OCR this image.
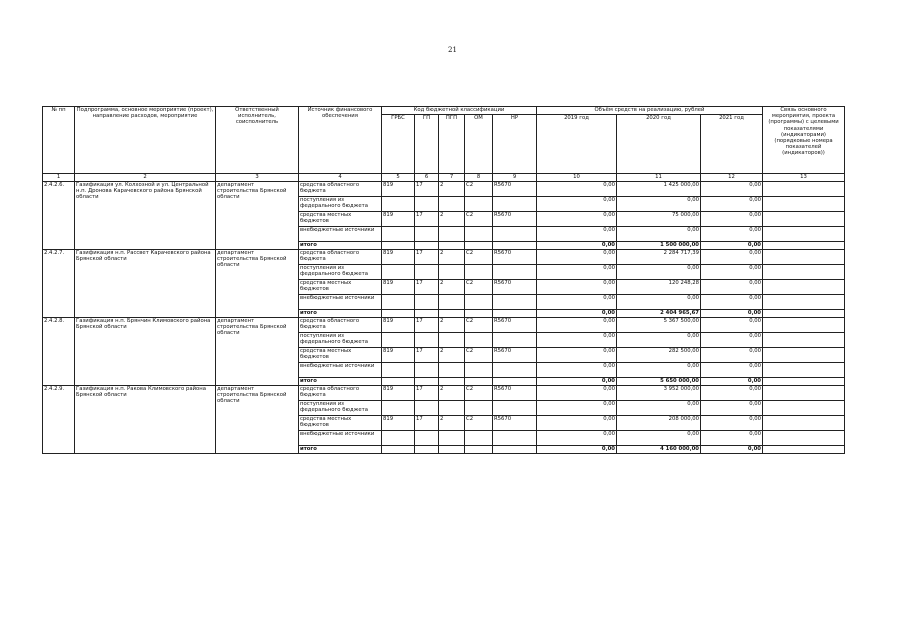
21
№ пп	Подпрограмма, основное мероприятие (проект), направление расходов, мероприятие	Ответственный исполнитель, соисполнитель	Источник финансового обеспечения	Код бюджетной классификации					Объём средств на реализацию, рублей			Связь основного мероприятия, проекта (программы) с целевыми показателями (индикаторами) (порядковые номера показателей (индикаторов))
				ГРБС	ГП	ПГП	ОМ	НР	2019 год	2020 год	2021 год	
1	2	3	4	5	6	7	8	9	10	11	12	13
2.4.2.6.	Газификация ул. Колхозной и ул. Центральной н.п. Дронова Карачевского района Брянской области	департамент строительства Брянской области	средства областного бюджета	819	17	2	C2	R5670	0,00	1 425 000,00	0,00	
			поступления из федерального бюджета						0,00	0,00	0,00	
			средства местных бюджетов	819	17	2	C2	R5670	0,00	75 000,00	0,00	
			внебюджетные источники						0,00	0,00	0,00	
			итого						0,00	1 500 000,00	0,00	
2.4.2.7.	Газификация н.п. Рассвет Карачевского района Брянской области	департамент строительства Брянской области	средства областного бюджета	819	17	2	C2	R5670	0,00	2 284 717,39	0,00	
			поступления из федерального бюджета						0,00	0,00	0,00	
			средства местных бюджетов	819	17	2	C2	R5670	0,00	120 248,28	0,00	
			внебюджетные источники						0,00	0,00	0,00	
			итого						0,00	2 404 965,67	0,00	
2.4.2.8.	Газификация н.п. Брянчин Климовского района Брянской области	департамент строительства Брянской области	средства областного бюджета	819	17	2	C2	R5670	0,00	5 367 500,00	0,00	
			поступления из федерального бюджета						0,00	0,00	0,00	
			средства местных бюджетов	819	17	2	C2	R5670	0,00	282 500,00	0,00	
			внебюджетные источники						0,00	0,00	0,00	
			итого						0,00	5 650 000,00	0,00	
2.4.2.9.	Газификация н.п. Ракова Климовского района Брянской области	департамент строительства Брянской области	средства областного бюджета	819	17	2	C2	R5670	0,00	3 952 000,00	0,00	
			поступления из федерального бюджета						0,00	0,00	0,00	
			средства местных бюджетов	819	17	2	C2	R5670	0,00	208 000,00	0,00	
			внебюджетные источники						0,00	0,00	0,00	
			итого						0,00	4 160 000,00	0,00	
